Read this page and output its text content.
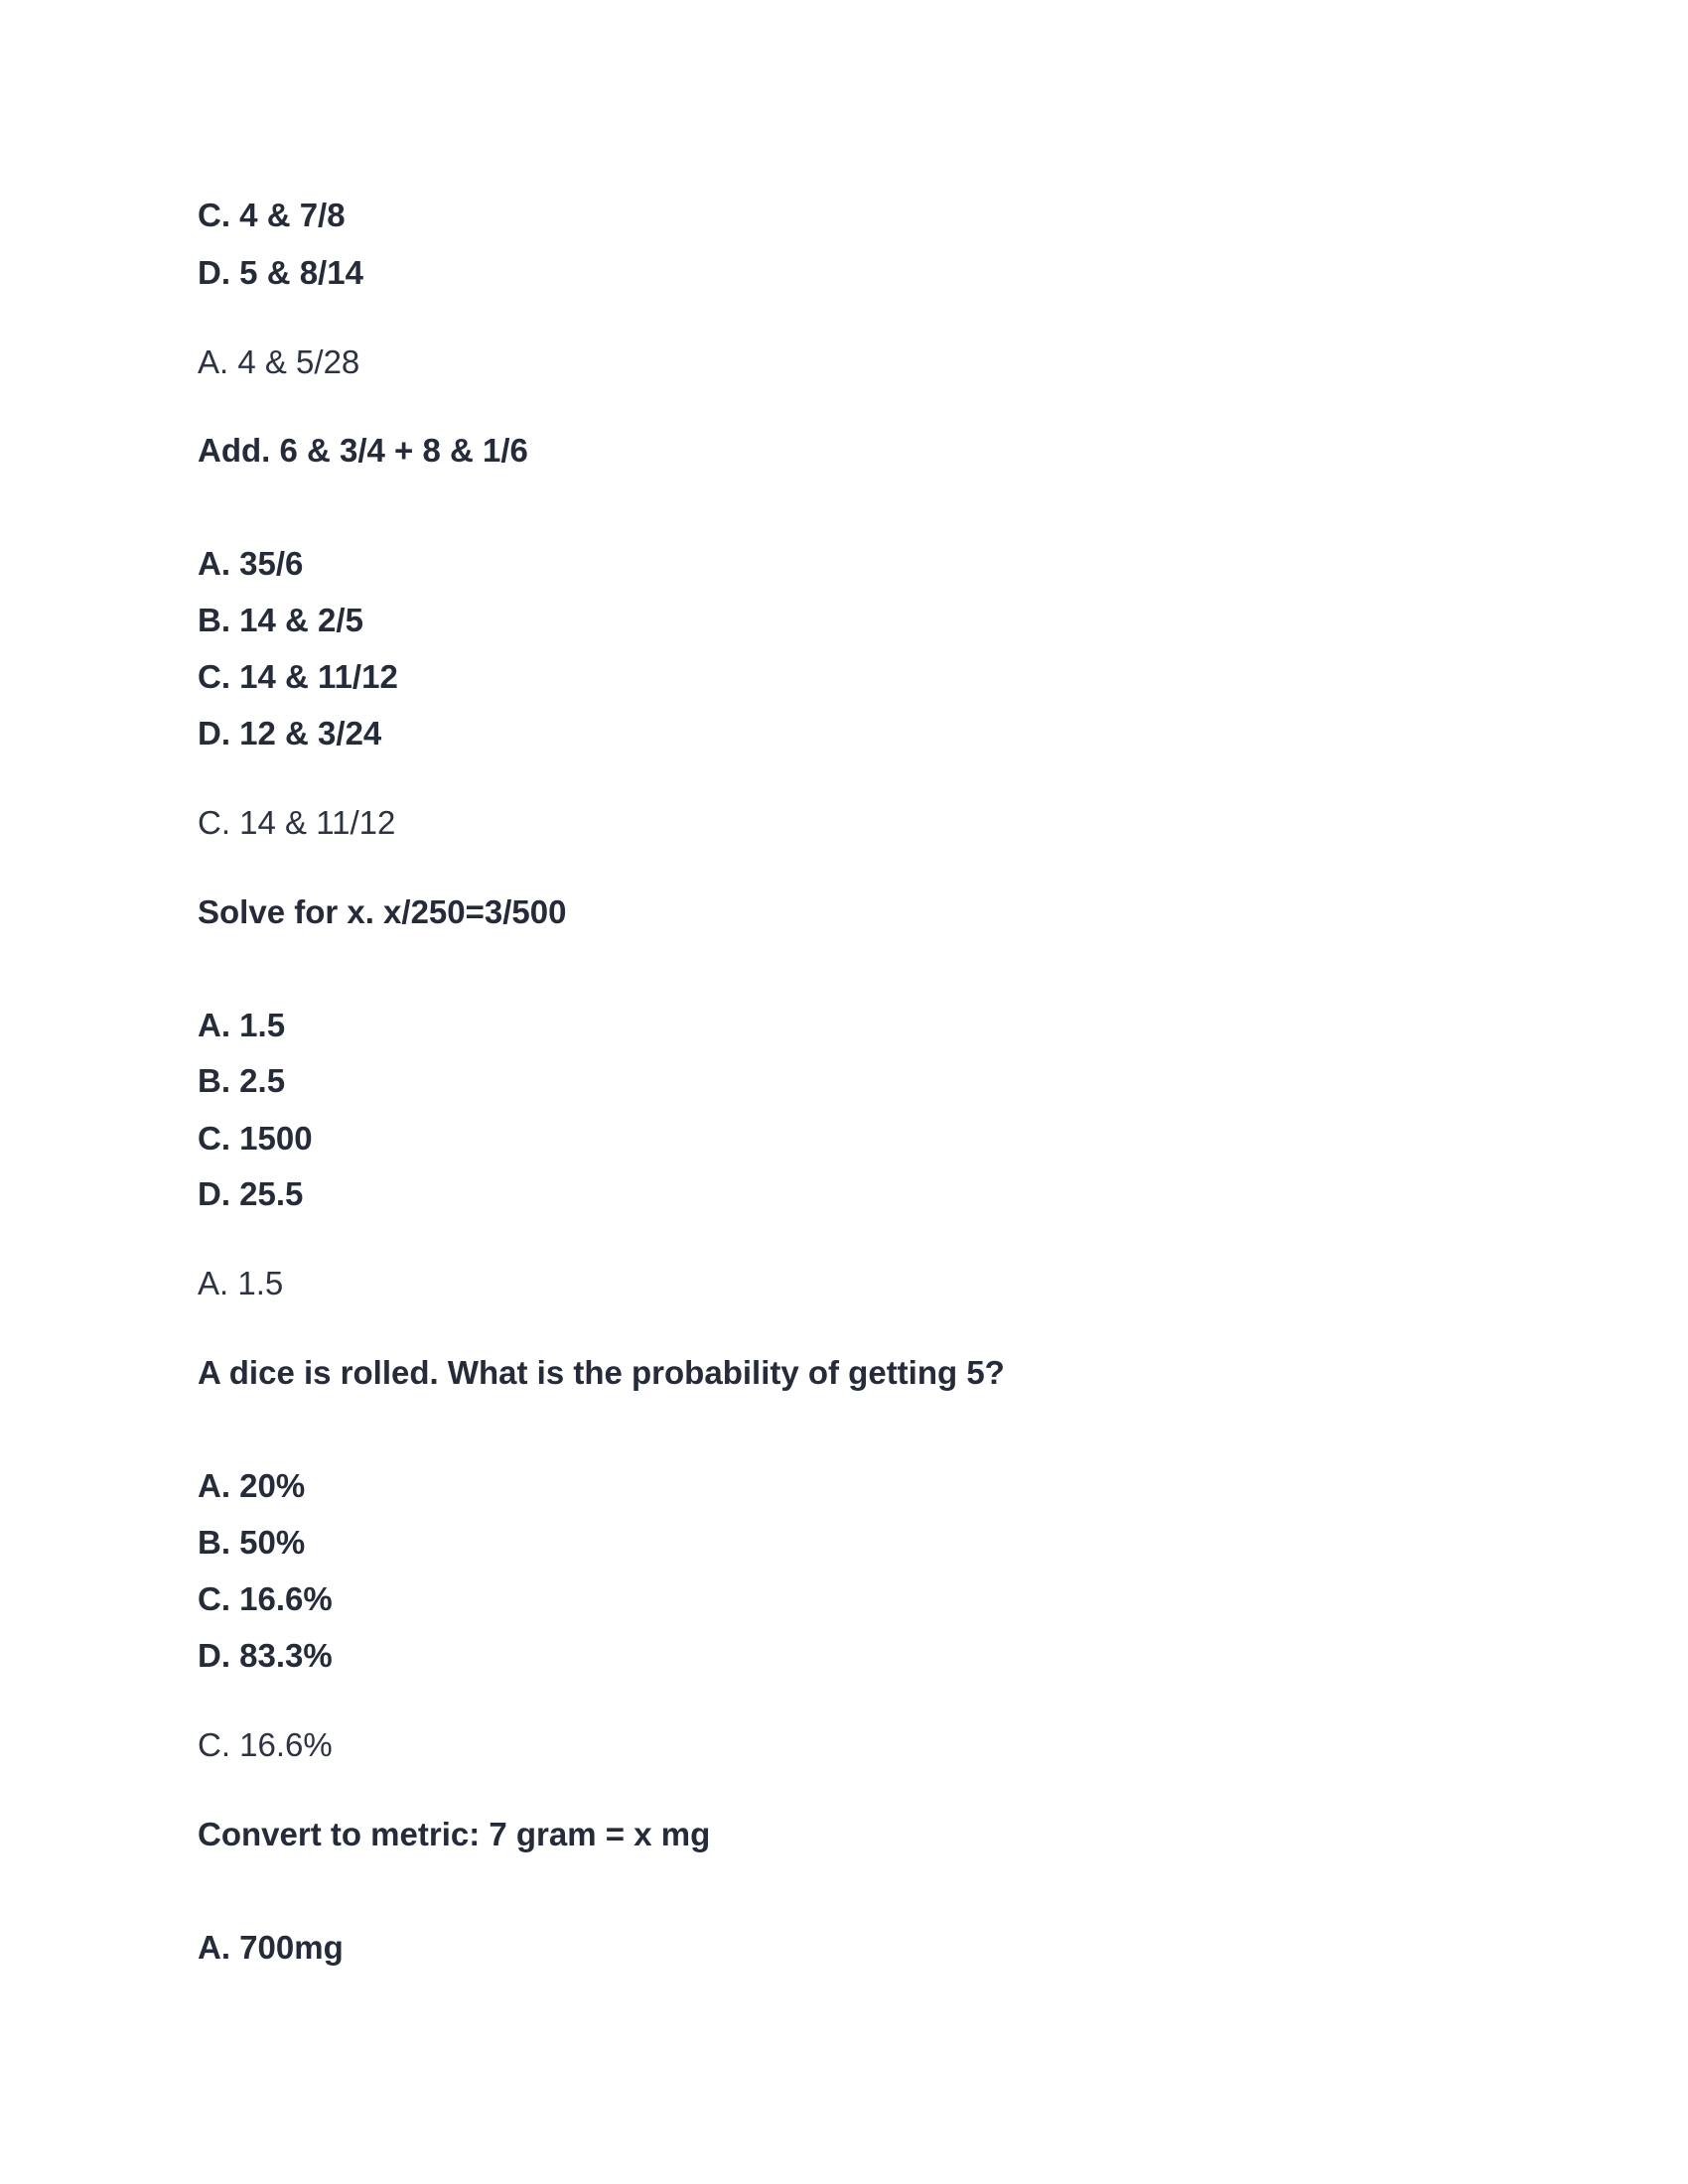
C. 4 & 7/8
D. 5 & 8/14
A. 4 & 5/28
Add. 6 & 3/4 + 8 & 1/6
A. 35/6
B. 14 & 2/5
C. 14 & 11/12
D. 12 & 3/24
C. 14 & 11/12
Solve for x. x/250=3/500
A. 1.5
B. 2.5
C. 1500
D. 25.5
A. 1.5
A dice is rolled. What is the probability of getting 5?
A. 20%
B. 50%
C. 16.6%
D. 83.3%
C. 16.6%
Convert to metric: 7 gram = x mg
A. 700mg
